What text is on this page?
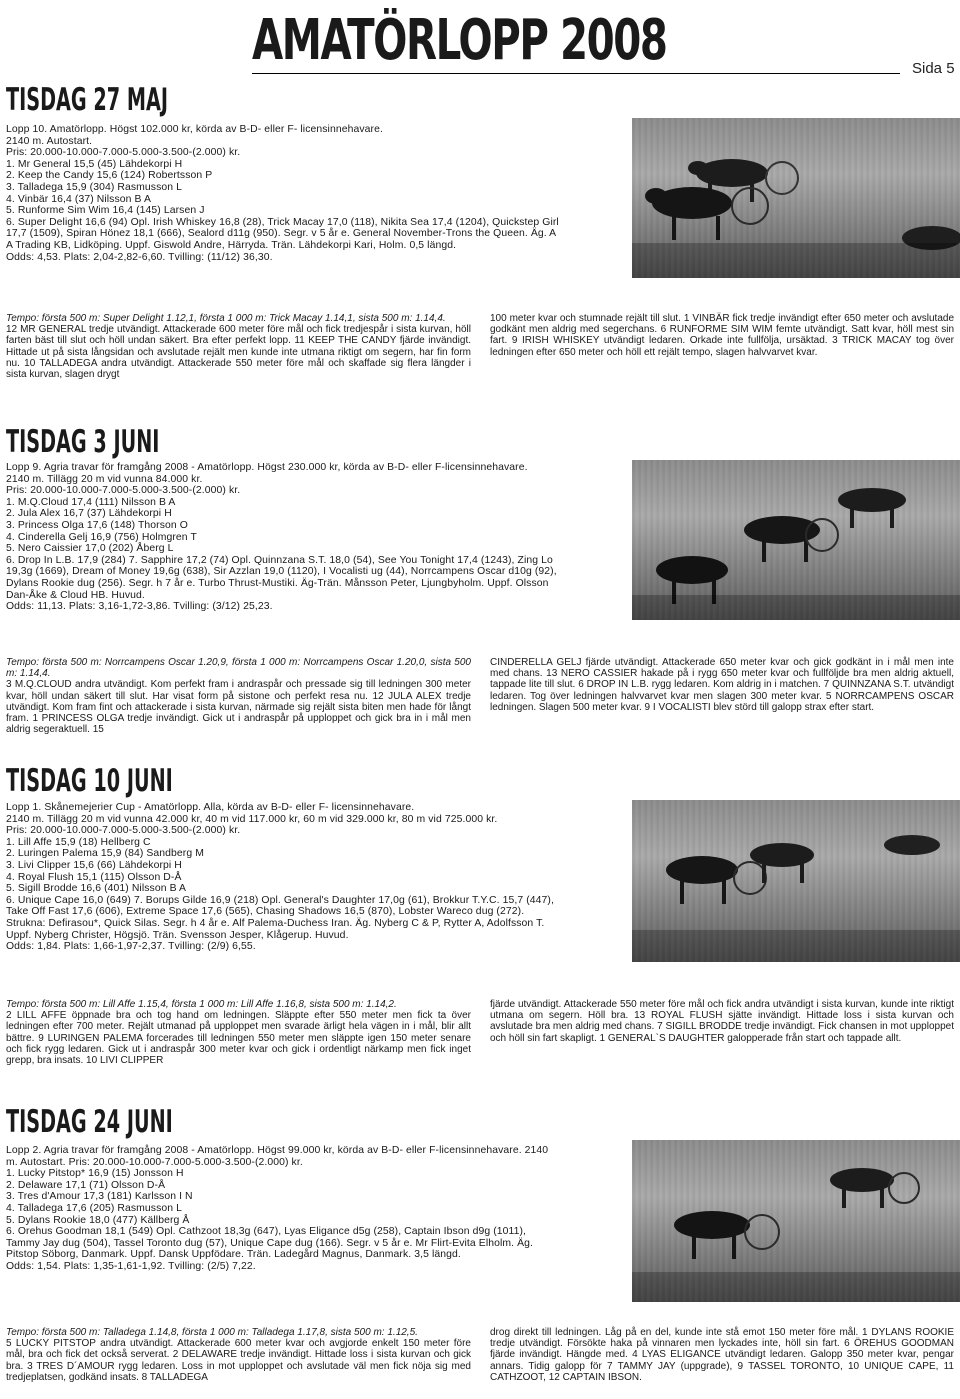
AMATÖRLOPP 2008	Sida 5
TISDAG 27 MAJ

Lopp 10. Amatörlopp. Högst 102.000 kr, körda av B-D- eller F- licensinnehavare.

2140 m. Autostart.

Pris: 20.000-10.000-7.000-5.000-3.500-(2.000) kr.

1. Mr General 15,5 (45) Lähdekorpi H

2. Keep the Candy 15,6 (124) Robertsson P

3. Talladega 15,9 (304) Rasmusson L

4. Vinbär 16,4 (37) Nilsson B A

5. Runforme Sim Wim 16,4 (145) Larsen J

6. Super Delight 16,6 (94) Opl. Irish Whiskey 16,8 (28), Trick Macay 17,0 (118), Nikita Sea 17,4 (1204), Quickstep Girl 17,7 (1509), Spiran Hönez 18,1 (666), Sealord d11g (950). Segr. v 5 år e. General November-Trons the Queen. Äg. A A Trading KB, Lidköping. Uppf. Giswold Andre, Härryda. Trän. Lähdekorpi Kari, Holm. 0,5 längd.

Odds: 4,53. Plats: 2,04-2,82-6,60. Tvilling: (11/12) 36,30.

Tempo: första 500 m: Super Delight 1.12,1, första 1 000 m: Trick Macay 1.14,1, sista 500 m: 1.14,4.

12 MR GENERAL tredje utvändigt. Attackerade 600 meter före mål och fick tredjespår i sista kurvan, höll farten bäst till slut och höll undan säkert. Bra efter perfekt lopp. 11 KEEP THE CANDY fjärde invändigt. Hittade ut på sista långsidan och avslutade rejält men kunde inte utmana riktigt om segern, har fin form nu. 10 TALLADEGA andra utvändigt. Attackerade 550 meter före mål och skaffade sig flera längder i sista kurvan, slagen drygt

100 meter kvar och stumnade rejält till slut. 1 VINBÄR fick tredje invändigt efter 650 meter och avslutade godkänt men aldrig med segerchans. 6 RUNFORME SIM WIM femte utvändigt. Satt kvar, höll mest sin fart. 9 IRISH WHISKEY utvändigt ledaren. Orkade inte fullfölja, ursäktad. 3 TRICK MACAY tog över ledningen efter 650 meter och höll ett rejält tempo, slagen halvvarvet kvar.

TISDAG 3 JUNI

Lopp 9. Agria travar för framgång 2008 - Amatörlopp. Högst 230.000 kr, körda av B-D- eller F-licensinnehavare.

2140 m. Tillägg 20 m vid vunna 84.000 kr.

Pris: 20.000-10.000-7.000-5.000-3.500-(2.000) kr.

1. M.Q.Cloud 17,4 (111) Nilsson B A

2. Jula Alex 16,7 (37) Lähdekorpi H

3. Princess Olga 17,6 (148) Thorson O

4. Cinderella Gelj 16,9 (756) Holmgren T

5. Nero Caissier 17,0 (202) Åberg L

6. Drop In L.B. 17,9 (284) 7. Sapphire 17,2 (74) Opl. Quinnzana S.T. 18,0 (54), See You Tonight 17,4 (1243), Zing Lo 19,3g (1669), Dream of Money 19,6g (638), Sir Azzlan 19,0 (1120), I Vocalisti ug (44), Norrcampens Oscar d10g (92), Dylans Rookie dug (256). Segr. h 7 år e. Turbo Thrust-Mustiki. Äg-Trän. Månsson Peter, Ljungbyholm. Uppf. Olsson Dan-Åke & Cloud HB. Huvud.

Odds: 11,13. Plats: 3,16-1,72-3,86. Tvilling: (3/12) 25,23.

Tempo: första 500 m: Norrcampens Oscar 1.20,9, första 1 000 m: Norrcampens Oscar 1.20,0, sista 500 m: 1.14,4.

3 M.Q.CLOUD andra utvändigt. Kom perfekt fram i andraspår och pressade sig till ledningen 300 meter kvar, höll undan säkert till slut. Har visat form på sistone och perfekt resa nu. 12 JULA ALEX tredje utvändigt. Kom fram fint och attackerade i sista kurvan, närmade sig rejält sista biten men hade för långt fram. 1 PRINCESS OLGA tredje invändigt. Gick ut i andraspår på upploppet och gick bra in i mål men aldrig segeraktuell. 15

CINDERELLA GELJ fjärde utvändigt. Attackerade 650 meter kvar och gick godkänt in i mål men inte med chans. 13 NERO CASSIER hakade på i rygg 650 meter kvar och fullföljde bra men aldrig aktuell, tappade lite till slut. 6 DROP IN L.B. rygg ledaren. Kom aldrig in i matchen. 7 QUINNZANA S.T. utvändigt ledaren. Tog över ledningen halvvarvet kvar men slagen 300 meter kvar. 5 NORRCAMPENS OSCAR ledningen. Slagen 500 meter kvar. 9 I VOCALISTI blev störd till galopp strax efter start.

TISDAG 10 JUNI

Lopp 1. Skånemejerier Cup - Amatörlopp. Alla, körda av B-D- eller F- licensinnehavare.

2140 m. Tillägg 20 m vid vunna 42.000 kr, 40 m vid 117.000 kr, 60 m vid 329.000 kr, 80 m vid 725.000 kr.

Pris: 20.000-10.000-7.000-5.000-3.500-(2.000) kr.

1. Lill Affe 15,9 (18) Hellberg C

2. Luringen Palema 15,9 (84) Sandberg M

3. Livi Clipper 15,6 (66) Lähdekorpi H

4. Royal Flush 15,1 (115) Olsson D-Å

5. Sigill Brodde 16,6 (401) Nilsson B A

6. Unique Cape 16,0 (649) 7. Borups Gilde 16,9 (218) Opl. General's Daughter 17,0g (61), Brokkur T.Y.C. 15,7 (447), Take Off Fast 17,6 (606), Extreme Space 17,6 (565), Chasing Shadows 16,5 (870), Lobster Wareco dug (272). Strukna: Defirasou*, Quick Silas. Segr. h 4 år e. Alf Palema-Duchess Iran. Äg. Nyberg C & P, Rytter A, Adolfsson T. Uppf. Nyberg Christer, Högsjö. Trän. Svensson Jesper, Klågerup. Huvud.

Odds: 1,84. Plats: 1,66-1,97-2,37. Tvilling: (2/9) 6,55.

Tempo: första 500 m: Lill Affe 1.15,4, första 1 000 m: Lill Affe 1.16,8, sista 500 m: 1.14,2.

2 LILL AFFE öppnade bra och tog hand om ledningen. Släppte efter 550 meter men fick ta över ledningen efter 700 meter. Rejält utmanad på upploppet men svarade ärligt hela vägen in i mål, blir allt bättre. 9 LURINGEN PALEMA forcerades till ledningen 550 meter men släppte igen 150 meter senare och fick rygg ledaren. Gick ut i andraspår 300 meter kvar och gick i ordentligt närkamp men fick inget grepp, bra insats. 10 LIVI CLIPPER

fjärde utvändigt. Attackerade 550 meter före mål och fick andra utvändigt i sista kurvan, kunde inte riktigt utmana om segern. Höll bra. 13 ROYAL FLUSH sjätte invändigt. Hittade loss i sista kurvan och avslutade bra men aldrig med chans. 7 SIGILL BRODDE tredje invändigt. Fick chansen in mot upploppet och höll sin fart skapligt. 1 GENERAL`S DAUGHTER galopperade från start och tappade allt.

TISDAG 24 JUNI

Lopp 2. Agria travar för framgång 2008 - Amatörlopp. Högst 99.000 kr, körda av B-D- eller F-licensinnehavare. 2140 m. Autostart. Pris: 20.000-10.000-7.000-5.000-3.500-(2.000) kr.

1. Lucky Pitstop* 16,9 (15) Jonsson H

2. Delaware 17,1 (71) Olsson D-Å

3. Tres d'Amour 17,3 (181) Karlsson I N

4. Talladega 17,6 (205) Rasmusson L

5. Dylans Rookie 18,0 (477) Källberg Å

6. Orehus Goodman 18,1 (549) Opl. Cathzoot 18,3g (647), Lyas Eligance d5g (258), Captain Ibson d9g (1011), Tammy Jay dug (504), Tassel Toronto dug (57), Unique Cape dug (166). Segr. v 5 år e. Mr Flirt-Evita Elholm. Äg. Pitstop Söborg, Danmark. Uppf. Dansk Uppfödare. Trän. Ladegård Magnus, Danmark. 3,5 längd.

Odds: 1,54. Plats: 1,35-1,61-1,92. Tvilling: (2/5) 7,22.

Tempo: första 500 m: Talladega 1.14,8, första 1 000 m: Talladega 1.17,8, sista 500 m: 1.12,5.

5 LUCKY PITSTOP andra utvändigt. Attackerade 600 meter kvar och avgjorde enkelt 150 meter före mål, bra och fick det också serverat. 2 DELAWARE tredje invändigt. Hittade loss i sista kurvan och gick bra. 3 TRES D´AMOUR rygg ledaren. Loss in mot upploppet och avslutade väl men fick nöja sig med tredjeplatsen, godkänd insats. 8 TALLADEGA

drog direkt till ledningen. Låg på en del, kunde inte stå emot 150 meter före mål. 1 DYLANS ROOKIE tredje utvändigt. Försökte haka på vinnaren men lyckades inte, höll sin fart. 6 ÖREHUS GOODMAN fjärde invändigt. Hängde med. 4 LYAS ELIGANCE utvändigt ledaren. Galopp 350 meter kvar, pengar annars. Tidig galopp för 7 TAMMY JAY (uppgrade), 9 TASSEL TORONTO, 10 UNIQUE CAPE, 11 CATHZOOT, 12 CAPTAIN IBSON.
